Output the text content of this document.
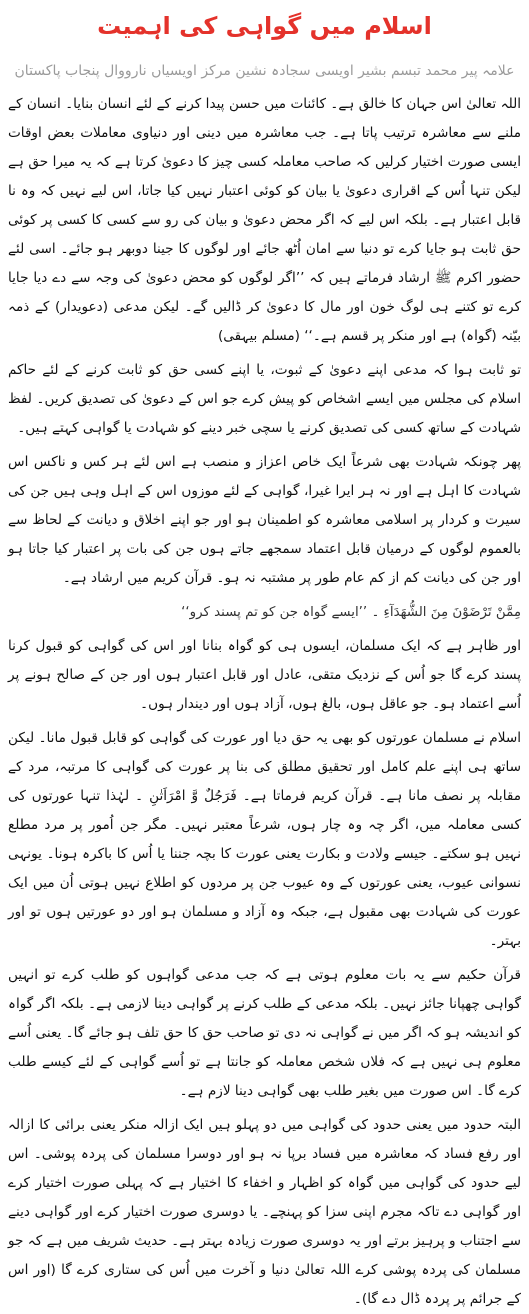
اسلام میں گواہی کی اہمیت
علامہ پیر محمد تبسم بشیر اویسی سجادہ نشین مرکز اویسیاں نارووال پنجاب پاکستان

اللہ تعالیٰ اس جہان کا خالق ہے۔ کائنات میں حسن پیدا کرنے کے لئے انسان بنایا۔ انسان کے ملنے سے معاشرہ ترتیب پاتا ہے۔ جب معاشرہ میں دینی اور دنیاوی معاملات بعض اوقات ایسی صورت اختیار کرلیں کہ صاحب معاملہ کسی چیز کا دعویٰ کرتا ہے کہ یہ میرا حق ہے لیکن تنہا اُس کے اقراری دعویٰ یا بیان کو کوئی اعتبار نہیں کیا جاتا، اس لیے نہیں کہ وہ نا قابل اعتبار ہے۔ بلکہ اس لیے کہ اگر محض دعویٰ و بیان کی رو سے کسی کا کسی پر کوئی حق ثابت ہو جایا کرے تو دنیا سے امان اُٹھ جائے اور لوگوں کا جینا دوبھر ہو جائے۔ اسی لئے حضور اکرم ﷺ ارشاد فرماتے ہیں کہ ’’اگر لوگوں کو محض دعویٰ کی وجہ سے دے دیا جایا کرے تو کتنے ہی لوگ خون اور مال کا دعویٰ کر ڈالیں گے۔ لیکن مدعی (دعویدار) کے ذمہ بیّنہ (گواہ) ہے اور منکر پر قسم ہے۔‘‘ (مسلم بیہقی)

تو ثابت ہوا کہ مدعی اپنے دعویٰ کے ثبوت، یا اپنے کسی حق کو ثابت کرنے کے لئے حاکم اسلام کی مجلس میں ایسے اشخاص کو پیش کرے جو اس کے دعویٰ کی تصدیق کریں۔ لفظ شہادت کے ساتھ کسی کی تصدیق کرنے یا سچی خبر دینے کو شہادت یا گواہی کہتے ہیں۔

پھر چونکہ شہادت بھی شرعاً ایک خاص اعزاز و منصب ہے اس لئے ہر کس و ناکس اس شہادت کا اہل ہے اور نہ ہر ایرا غیرا، گواہی کے لئے موزوں اس کے اہل وہی ہیں جن کی سیرت و کردار پر اسلامی معاشرہ کو اطمینان ہو اور جو اپنے اخلاق و دیانت کے لحاظ سے بالعموم لوگوں کے درمیان قابل اعتماد سمجھے جاتے ہوں جن کی بات پر اعتبار کیا جاتا ہو اور جن کی دیانت کم از کم عام طور پر مشتبہ نہ ہو۔ قرآن کریم میں ارشاد ہے۔

مِمَّنْ تَرْضَوْنَ مِنَ الشُّهَدَآءِ ۔ ’’ایسے گواہ جن کو تم پسند کرو‘‘

اور ظاہر ہے کہ ایک مسلمان، ایسوں ہی کو گواہ بنانا اور اس کی گواہی کو قبول کرنا پسند کرے گا جو اُس کے نزدیک متقی، عادل اور قابل اعتبار ہوں اور جن کے صالح ہونے پر اُسے اعتماد ہو۔ جو عاقل ہوں، بالغ ہوں، آزاد ہوں اور دیندار ہوں۔

اسلام نے مسلمان عورتوں کو بھی یہ حق دیا اور عورت کی گواہی کو قابل قبول مانا۔ لیکن ساتھ ہی اپنے علم کامل اور تحقیق مطلق کی بنا پر عورت کی گواہی کا مرتبہ، مرد کے مقابلہ پر نصف مانا ہے۔ قرآن کریم فرماتا ہے۔ فَرَجُلٌ وَّ امْرَاَتٰنِ ۔ لہٰذا تنہا عورتوں کی کسی معاملہ میں، اگر چہ وہ چار ہوں، شرعاً معتبر نہیں۔ مگر جن اُمور پر مرد مطلع نہیں ہو سکتے۔ جیسے ولادت و بکارت یعنی عورت کا بچہ جننا یا اُس کا باکرہ ہونا۔ یونہی نسوانی عیوب، یعنی عورتوں کے وہ عیوب جن پر مردوں کو اطلاع نہیں ہوتی اُن میں ایک عورت کی شہادت بھی مقبول ہے، جبکہ وہ آزاد و مسلمان ہو اور دو عورتیں ہوں تو اور بہتر۔

قرآن حکیم سے یہ بات معلوم ہوتی ہے کہ جب مدعی گواہوں کو طلب کرے تو انہیں گواہی چھپانا جائز نہیں۔ بلکہ مدعی کے طلب کرنے پر گواہی دینا لازمی ہے۔ بلکہ اگر گواہ کو اندیشہ ہو کہ اگر میں نے گواہی نہ دی تو صاحب حق کا حق تلف ہو جائے گا۔ یعنی اُسے معلوم ہی نہیں ہے کہ فلاں شخص معاملہ کو جانتا ہے تو اُسے گواہی کے لئے کیسے طلب کرے گا۔ اس صورت میں بغیر طلب بھی گواہی دینا لازم ہے۔

البتہ حدود میں یعنی حدود کی گواہی میں دو پہلو ہیں ایک ازالہ منکر یعنی برائی کا ازالہ اور رفع فساد کہ معاشرہ میں فساد برپا نہ ہو اور دوسرا مسلمان کی پردہ پوشی۔ اس لیے حدود کی گواہی میں گواہ کو اظہار و اخفاء کا اختیار ہے کہ پہلی صورت اختیار کرے اور گواہی دے تاکہ مجرم اپنی سزا کو پہنچے۔ یا دوسری صورت اختیار کرے اور گواہی دینے سے اجتناب و پرہیز برتے اور یہ دوسری صورت زیادہ بہتر ہے۔ حدیث شریف میں ہے کہ جو مسلمان کی پردہ پوشی کرے اللہ تعالیٰ دنیا و آخرت میں اُس کی ستاری کرے گا (اور اس کے جرائم پر پردہ ڈال دے گا)۔
